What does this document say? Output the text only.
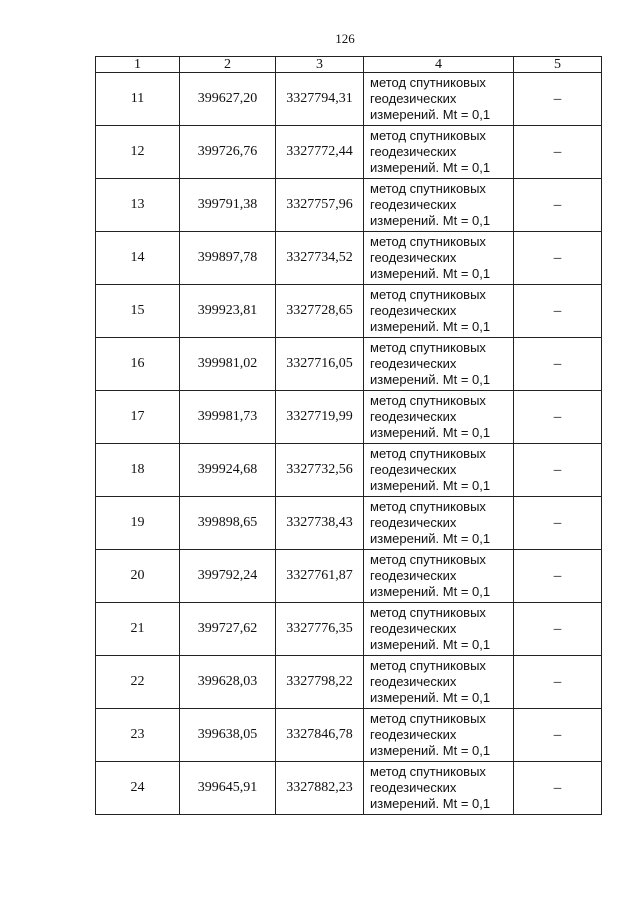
126
1	2	3	4	5
11	399627,20	3327794,31	метод спутниковых
геодезических
измерений. Mt = 0,1	–
12	399726,76	3327772,44	метод спутниковых
геодезических
измерений. Mt = 0,1	–
13	399791,38	3327757,96	метод спутниковых
геодезических
измерений. Mt = 0,1	–
14	399897,78	3327734,52	метод спутниковых
геодезических
измерений. Mt = 0,1	–
15	399923,81	3327728,65	метод спутниковых
геодезических
измерений. Mt = 0,1	–
16	399981,02	3327716,05	метод спутниковых
геодезических
измерений. Mt = 0,1	–
17	399981,73	3327719,99	метод спутниковых
геодезических
измерений. Mt = 0,1	–
18	399924,68	3327732,56	метод спутниковых
геодезических
измерений. Mt = 0,1	–
19	399898,65	3327738,43	метод спутниковых
геодезических
измерений. Mt = 0,1	–
20	399792,24	3327761,87	метод спутниковых
геодезических
измерений. Mt = 0,1	–
21	399727,62	3327776,35	метод спутниковых
геодезических
измерений. Mt = 0,1	–
22	399628,03	3327798,22	метод спутниковых
геодезических
измерений. Mt = 0,1	–
23	399638,05	3327846,78	метод спутниковых
геодезических
измерений. Mt = 0,1	–
24	399645,91	3327882,23	метод спутниковых
геодезических
измерений. Mt = 0,1	–
